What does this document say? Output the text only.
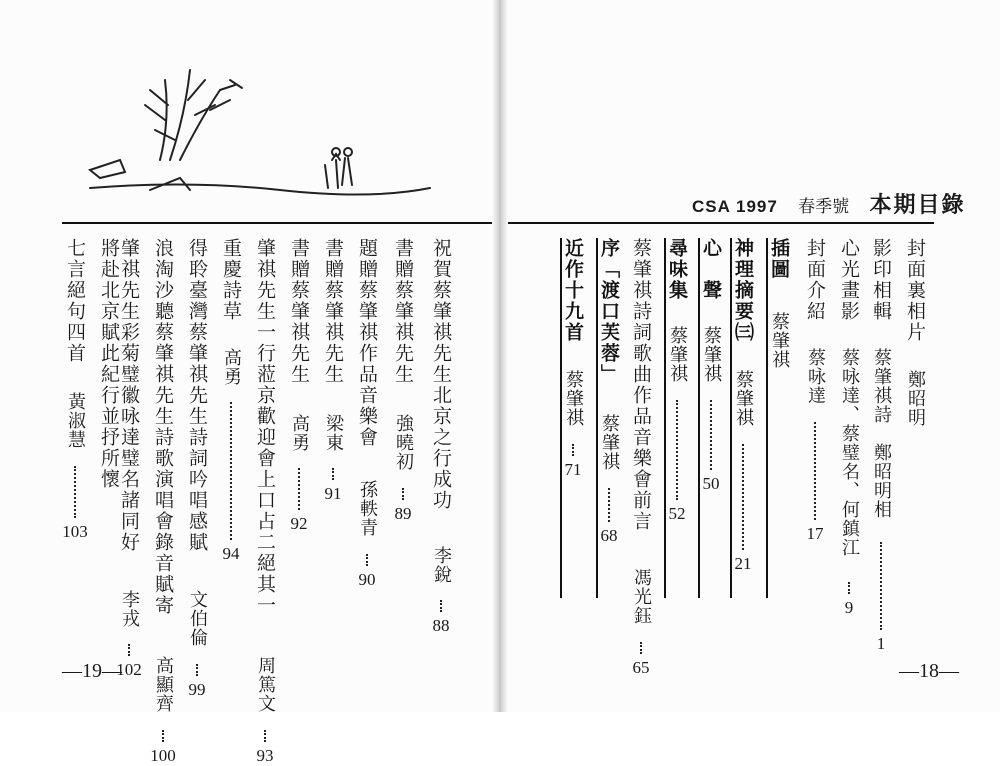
祝賀蔡肇祺先生北京之行成功
李銳
88
書贈蔡肇祺先生
強曉初
89
題贈蔡肇祺作品音樂會
孫軼青
90
書贈蔡肇祺先生
梁東
91
書贈蔡肇祺先生
高勇
92
肇祺先生一行蒞京歡迎會上口占二絕其一
周篤文
93
重慶詩草
高勇
94
得聆臺灣蔡肇祺先生詩詞吟唱感賦
文伯倫
99
浪淘沙聽蔡肇祺先生詩歌演唱會錄音賦寄
高顯齊
100
肇祺先生彩菊璧徽咏達璧名諸同好
李戎
102
將赴北京賦此紀行並抒所懷
七言絕句四首
黃淑慧
103
—19—
CSA 1997 春季號 本期目錄
封面裏相片
鄭昭明
影印相輯
蔡肇祺詩　鄭昭明相
1
心光畫影
蔡咏達、蔡璧名、何鎮江
9
封面介紹
蔡咏達
17
插圖
蔡肇祺
神理摘要㈢
蔡肇祺
21
心　聲
蔡肇祺
50
尋味集
蔡肇祺
52
蔡肇祺詩詞歌曲作品音樂會前言
馮光鈺
65
序「渡口芙蓉」
蔡肇祺
68
近作十九首
蔡肇祺
71
—18—
